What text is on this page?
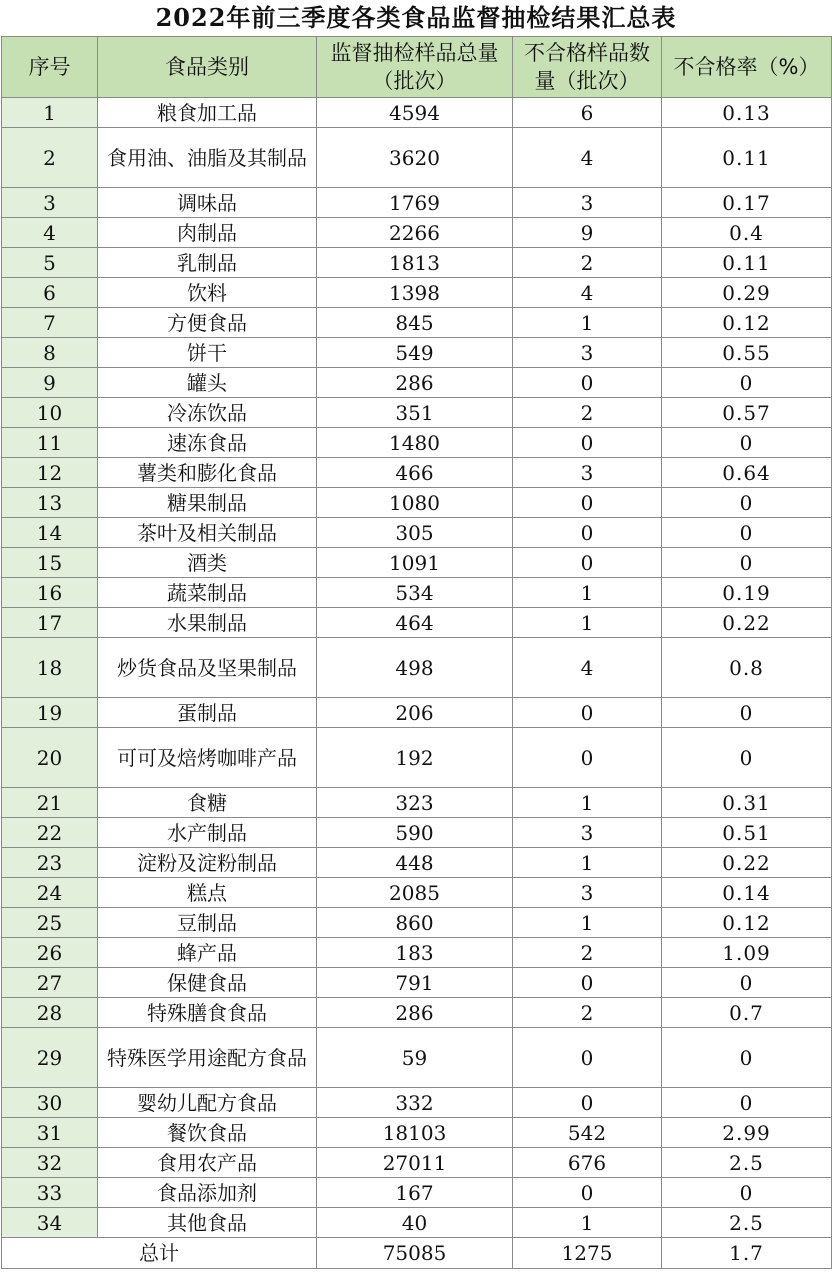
2022年前三季度各类食品监督抽检结果汇总表
序号	食品类别	监督抽检样品总量（批次）	不合格样品数量（批次）	不合格率（%）
1	粮食加工品	4594	6	0.13
2	食用油、油脂及其制品	3620	4	0.11
3	调味品	1769	3	0.17
4	肉制品	2266	9	0.4
5	乳制品	1813	2	0.11
6	饮料	1398	4	0.29
7	方便食品	845	1	0.12
8	饼干	549	3	0.55
9	罐头	286	0	0
10	冷冻饮品	351	2	0.57
11	速冻食品	1480	0	0
12	薯类和膨化食品	466	3	0.64
13	糖果制品	1080	0	0
14	茶叶及相关制品	305	0	0
15	酒类	1091	0	0
16	蔬菜制品	534	1	0.19
17	水果制品	464	1	0.22
18	炒货食品及坚果制品	498	4	0.8
19	蛋制品	206	0	0
20	可可及焙烤咖啡产品	192	0	0
21	食糖	323	1	0.31
22	水产制品	590	3	0.51
23	淀粉及淀粉制品	448	1	0.22
24	糕点	2085	3	0.14
25	豆制品	860	1	0.12
26	蜂产品	183	2	1.09
27	保健食品	791	0	0
28	特殊膳食食品	286	2	0.7
29	特殊医学用途配方食品	59	0	0
30	婴幼儿配方食品	332	0	0
31	餐饮食品	18103	542	2.99
32	食用农产品	27011	676	2.5
33	食品添加剂	167	0	0
34	其他食品	40	1	2.5
总计		75085	1275	1.7
